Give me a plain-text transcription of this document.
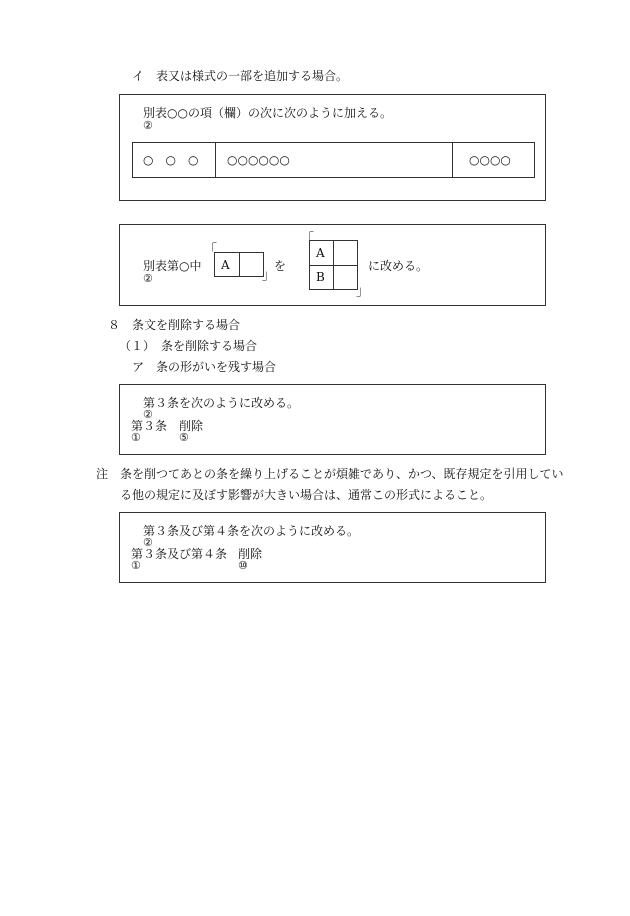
イ　表又は様式の一部を追加する場合。
別表○○の項（欄）の次に次のように加える。
②
○　○　○	○○○○○○	○○○○
別表第○中
②
「
A
」
を
「
A
B
」
に改める。
８　条文を削除する場合
（１）　条を削除する場合
ア　条の形がいを残す場合
第３条を次のように改める。
②
第３条 削除
①	⑤
注 条を削つてあとの条を繰り上げることが煩雑であり、かつ、既存規定を引用してい
る他の規定に及ぼす影響が大きい場合は、通常この形式によること。
第３条及び第４条を次のように改める。
②
第３条及び第４条 削除
①	⑩
